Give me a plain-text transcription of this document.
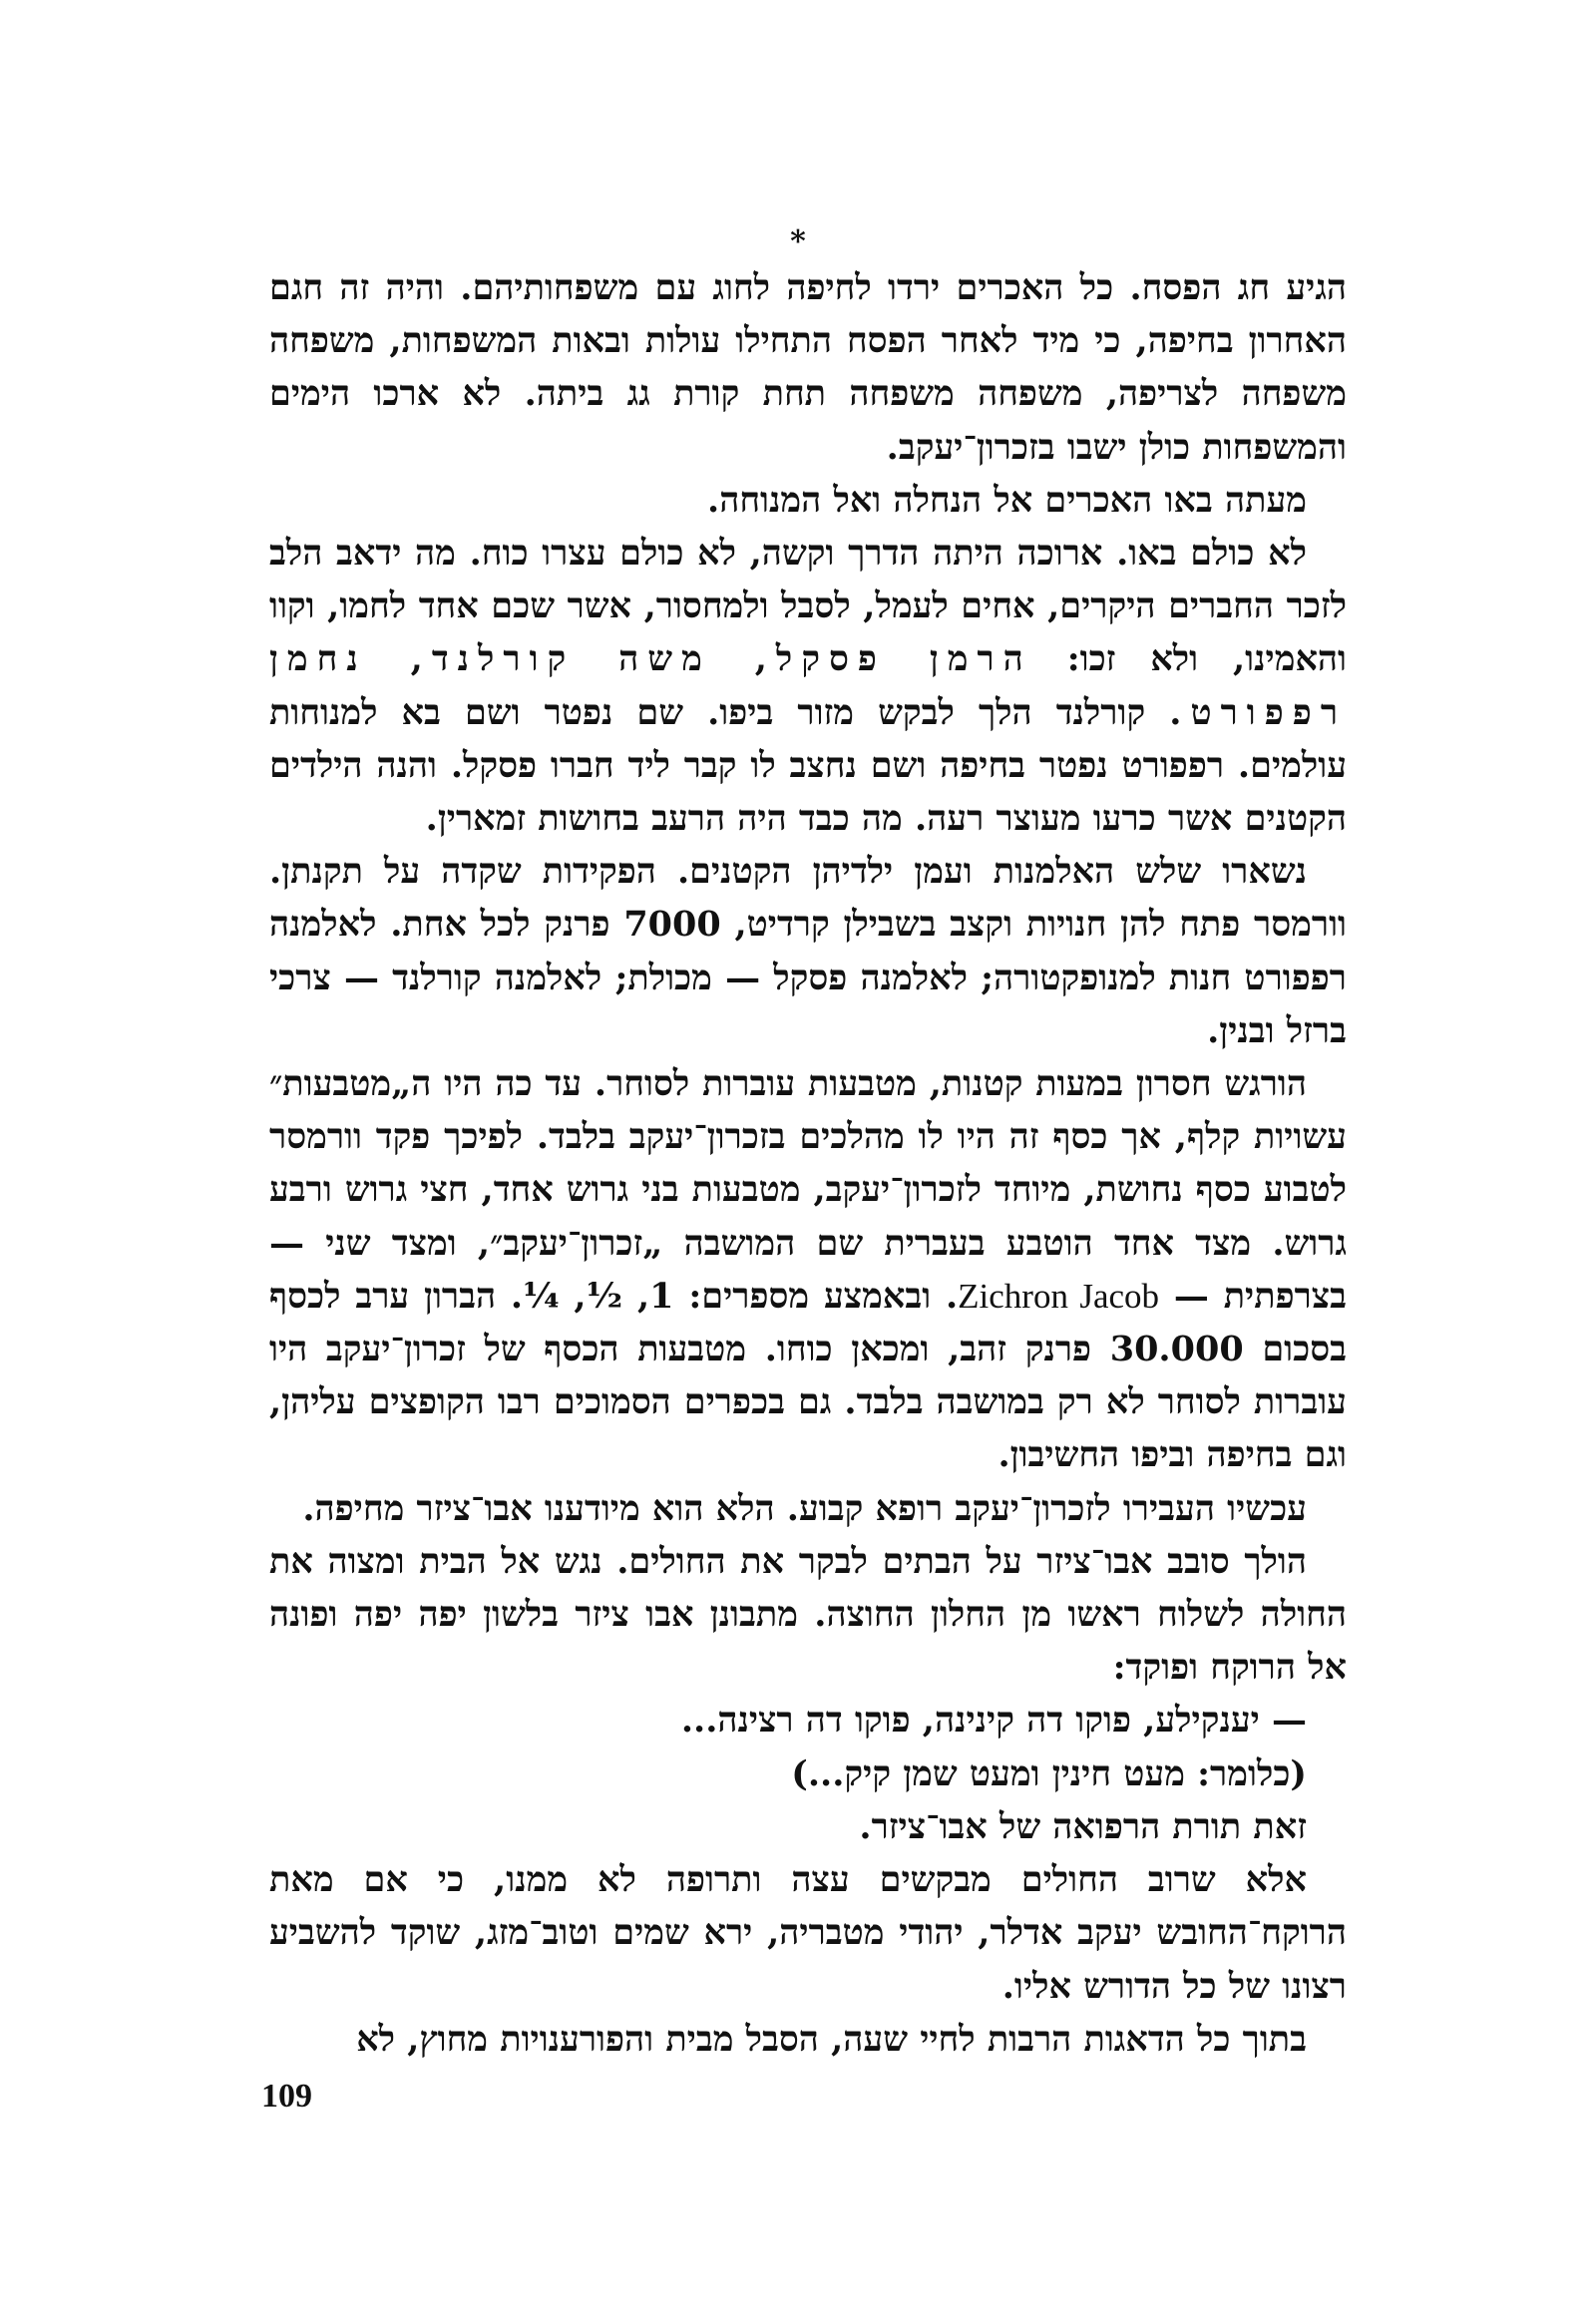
*

הגיע חג הפסח. כל האכרים ירדו לחיפה לחוג עם משפחותיהם. והיה זה חגם האחרון בחיפה, כי מיד לאחר הפסח התחילו עולות ובאות המשפחות, משפחה משפחה לצריפה, משפחה משפחה תחת קורת גג ביתה. לא ארכו הימים והמשפחות כולן ישבו בזכרון־יעקב.

מעתה באו האכרים אל הנחלה ואל המנוחה.

לא כולם באו. ארוכה היתה הדרך וקשה, לא כולם עצרו כוח. מה ידאב הלב לזכר החברים היקרים, אחים לעמל, לסבל ולמחסור, אשר שכם אחד לחמו, וקוו והאמינו, ולא זכו: הרמן פסקל, משה קורלנד, נחמן רפפורט. קורלנד הלך לבקש מזור ביפו. שם נפטר ושם בא למנוחות עולמים. רפפורט נפטר בחיפה ושם נחצב לו קבר ליד חברו פסקל. והנה הילדים הקטנים אשר כרעו מעוצר רעה. מה כבד היה הרעב בחושות זמארין.

נשארו שלש האלמנות ועמן ילדיהן הקטנים. הפקידות שקדה על תקנתן. וורמסר פתח להן חנויות וקצב בשבילן קרדיט, 7000 פרנק לכל אחת. לאלמנה רפפורט חנות למנופקטורה; לאלמנה פסקל — מכולת; לאלמנה קורלנד — צרכי ברזל ובנין.

הורגש חסרון במעות קטנות, מטבעות עוברות לסוחר. עד כה היו ה„מטבעות״ עשויות קלף, אך כסף זה היו לו מהלכים בזכרון־יעקב בלבד. לפיכך פקד וורמסר לטבוע כסף נחושת, מיוחד לזכרון־יעקב, מטבעות בני גרוש אחד, חצי גרוש ורבע גרוש. מצד אחד הוטבע בעברית שם המושבה „זכרון־יעקב״, ומצד שני — בצרפתית — Zichron Jacob. ובאמצע מספרים: 1, ½, ¼. הברון ערב לכסף בסכום 30.000 פרנק זהב, ומכאן כוחו. מטבעות הכסף של זכרון־יעקב היו עוברות לסוחר לא רק במושבה בלבד. גם בכפרים הסמוכים רבו הקופצים עליהן, וגם בחיפה וביפו החשיבון.

עכשיו העבירו לזכרון־יעקב רופא קבוע. הלא הוא מיודענו אבו־ציזר מחיפה.

הולך סובב אבו־ציזר על הבתים לבקר את החולים. נגש אל הבית ומצוה את החולה לשלוח ראשו מן החלון החוצה. מתבונן אבו ציזר בלשון יפה יפה ופונה אל הרוקח ופוקד:

— יענקילע, פוקו דה קינינה, פוקו דה רצינה...

(כלומר: מעט חינין ומעט שמן קיק...)

זאת תורת הרפואה של אבו־ציזר.

אלא שרוב החולים מבקשים עצה ותרופה לא ממנו, כי אם מאת הרוקח־החובש יעקב אדלר, יהודי מטבריה, ירא שמים וטוב־מזג, שוקד להשביע רצונו של כל הדורש אליו.

בתוך כל הדאגות הרבות לחיי שעה, הסבל מבית והפורענויות מחוץ, לא

109
